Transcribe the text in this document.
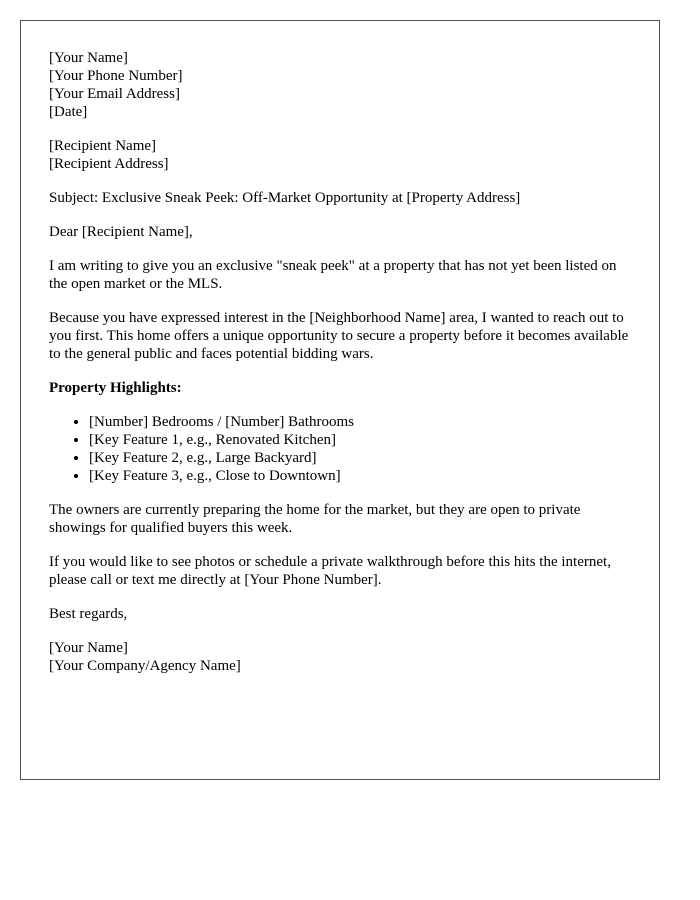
[Your Name]
[Your Phone Number]
[Your Email Address]
[Date]
[Recipient Name]
[Recipient Address]

Subject: Exclusive Sneak Peek: Off-Market Opportunity at [Property Address]

Dear [Recipient Name],

I am writing to give you an exclusive "sneak peek" at a property that has not yet been listed on the open market or the MLS.

Because you have expressed interest in the [Neighborhood Name] area, I wanted to reach out to you first. This home offers a unique opportunity to secure a property before it becomes available to the general public and faces potential bidding wars.

Property Highlights:
• [Number] Bedrooms / [Number] Bathrooms
• [Key Feature 1, e.g., Renovated Kitchen]
• [Key Feature 2, e.g., Large Backyard]
• [Key Feature 3, e.g., Close to Downtown]

The owners are currently preparing the home for the market, but they are open to private showings for qualified buyers this week.

If you would like to see photos or schedule a private walkthrough before this hits the internet, please call or text me directly at [Your Phone Number].

Best regards,

[Your Name]
[Your Company/Agency Name]
